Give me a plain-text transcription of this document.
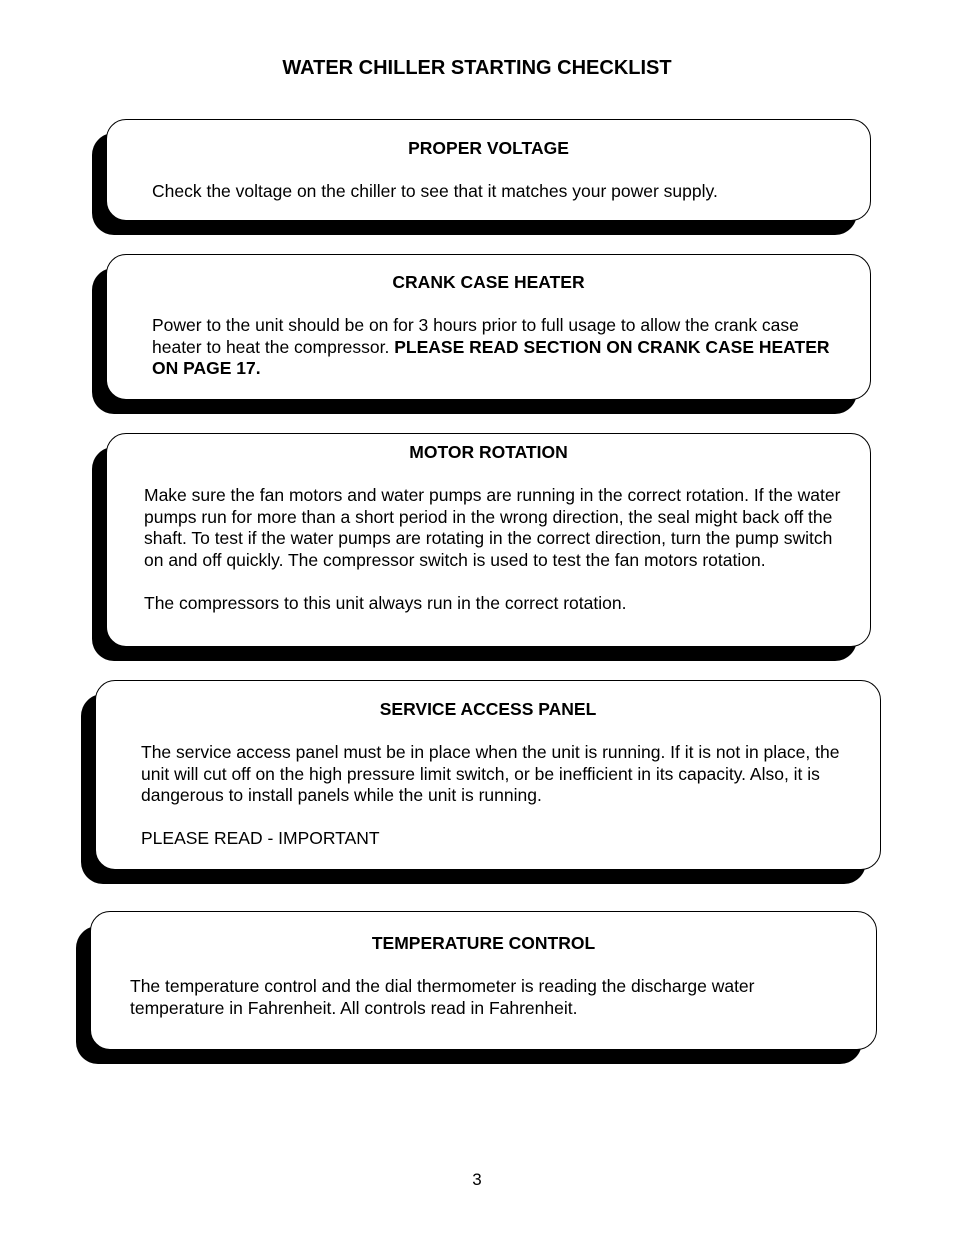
WATER CHILLER STARTING CHECKLIST
PROPER VOLTAGE

Check the voltage on the chiller to see that it matches your power supply.

CRANK CASE HEATER

Power to the unit should be on for 3 hours prior to full usage to allow the crank case heater to heat the compressor. PLEASE READ SECTION ON CRANK CASE HEATER ON PAGE 17.

MOTOR ROTATION

Make sure the fan motors and water pumps are running in the correct rotation. If the water pumps run for more than a short period in the wrong direction, the seal might back off the shaft. To test if the water pumps are rotating in the correct direction, turn the pump switch on and off quickly. The compressor switch is used to test the fan motors rotation.

The compressors to this unit always run in the correct rotation.

SERVICE ACCESS PANEL

The service access panel must be in place when the unit is running. If it is not in place, the unit will cut off on the high pressure limit switch, or be inefficient in its capacity. Also, it is dangerous to install panels while the unit is running.

PLEASE READ - IMPORTANT

TEMPERATURE CONTROL

The temperature control and the dial thermometer is reading the discharge water temperature in Fahrenheit. All controls read in Fahrenheit.

3
